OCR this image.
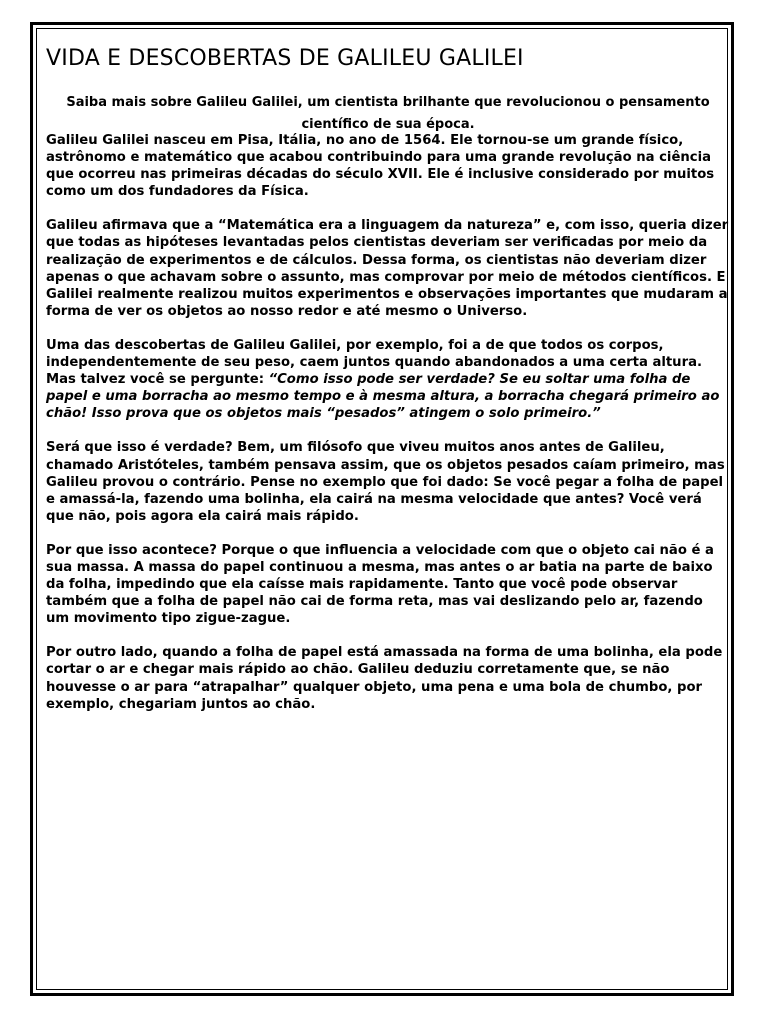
VIDA E DESCOBERTAS DE GALILEU GALILEI

Saiba mais sobre Galileu Galilei, um cientista brilhante que revolucionou o pensamento científico de sua época.

Galileu Galilei nasceu em Pisa, Itália, no ano de 1564. Ele tornou-se um grande físico, astrônomo e matemático que acabou contribuindo para uma grande revolução na ciência que ocorreu nas primeiras décadas do século XVII. Ele é inclusive considerado por muitos como um dos fundadores da Física.

Galileu afirmava que a “Matemática era a linguagem da natureza” e, com isso, queria dizer que todas as hipóteses levantadas pelos cientistas deveriam ser verificadas por meio da realização de experimentos e de cálculos. Dessa forma, os cientistas não deveriam dizer apenas o que achavam sobre o assunto, mas comprovar por meio de métodos científicos. E Galilei realmente realizou muitos experimentos e observações importantes que mudaram a forma de ver os objetos ao nosso redor e até mesmo o Universo.

Uma das descobertas de Galileu Galilei, por exemplo, foi a de que todos os corpos, independentemente de seu peso, caem juntos quando abandonados a uma certa altura. Mas talvez você se pergunte: “Como isso pode ser verdade? Se eu soltar uma folha de papel e uma borracha ao mesmo tempo e à mesma altura, a borracha chegará primeiro ao chão! Isso prova que os objetos mais “pesados” atingem o solo primeiro.”

Será que isso é verdade? Bem, um filósofo que viveu muitos anos antes de Galileu, chamado Aristóteles, também pensava assim, que os objetos pesados caíam primeiro, mas Galileu provou o contrário. Pense no exemplo que foi dado: Se você pegar a folha de papel e amassá-la, fazendo uma bolinha, ela cairá na mesma velocidade que antes? Você verá que não, pois agora ela cairá mais rápido.

Por que isso acontece? Porque o que influencia a velocidade com que o objeto cai não é a sua massa. A massa do papel continuou a mesma, mas antes o ar batia na parte de baixo da folha, impedindo que ela caísse mais rapidamente. Tanto que você pode observar também que a folha de papel não cai de forma reta, mas vai deslizando pelo ar, fazendo um movimento tipo zigue-zague.

Por outro lado, quando a folha de papel está amassada na forma de uma bolinha, ela pode cortar o ar e chegar mais rápido ao chão. Galileu deduziu corretamente que, se não houvesse o ar para “atrapalhar” qualquer objeto, uma pena e uma bola de chumbo, por exemplo, chegariam juntos ao chão.
